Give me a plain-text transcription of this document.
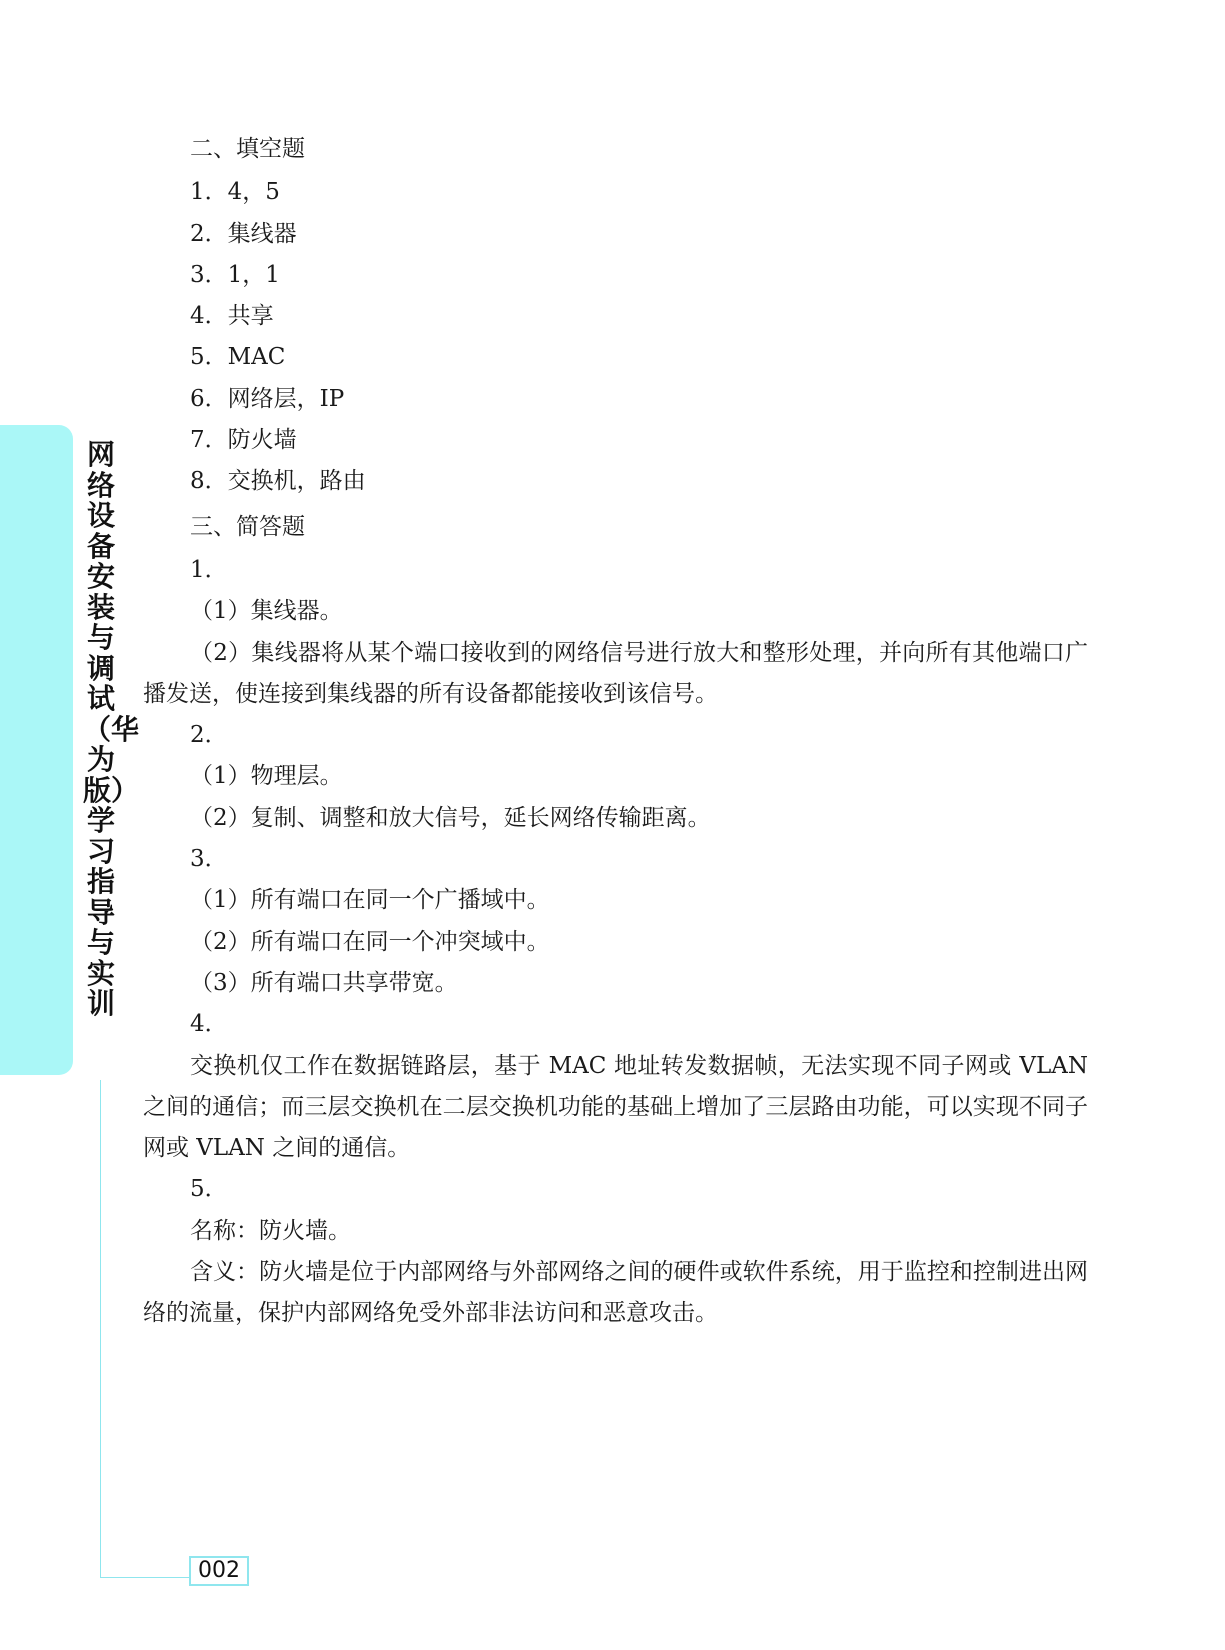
网络设备安装与调试（华为版）学习指导与实训
002

二、填空题

1．4，5

2．集线器

3．1，1

4．共享

5．MAC

6．网络层，IP

7．防火墙

8．交换机，路由

三、简答题

1．

（1）集线器。

（2）集线器将从某个端口接收到的网络信号进行放大和整形处理，并向所有其他端口广播发送，使连接到集线器的所有设备都能接收到该信号。

2．

（1）物理层。

（2）复制、调整和放大信号，延长网络传输距离。

3．

（1）所有端口在同一个广播域中。

（2）所有端口在同一个冲突域中。

（3）所有端口共享带宽。

4．

交换机仅工作在数据链路层，基于 MAC 地址转发数据帧，无法实现不同子网或 VLAN 之间的通信；而三层交换机在二层交换机功能的基础上增加了三层路由功能，可以实现不同子网或 VLAN 之间的通信。

5．

名称：防火墙。

含义：防火墙是位于内部网络与外部网络之间的硬件或软件系统，用于监控和控制进出网络的流量，保护内部网络免受外部非法访问和恶意攻击。
